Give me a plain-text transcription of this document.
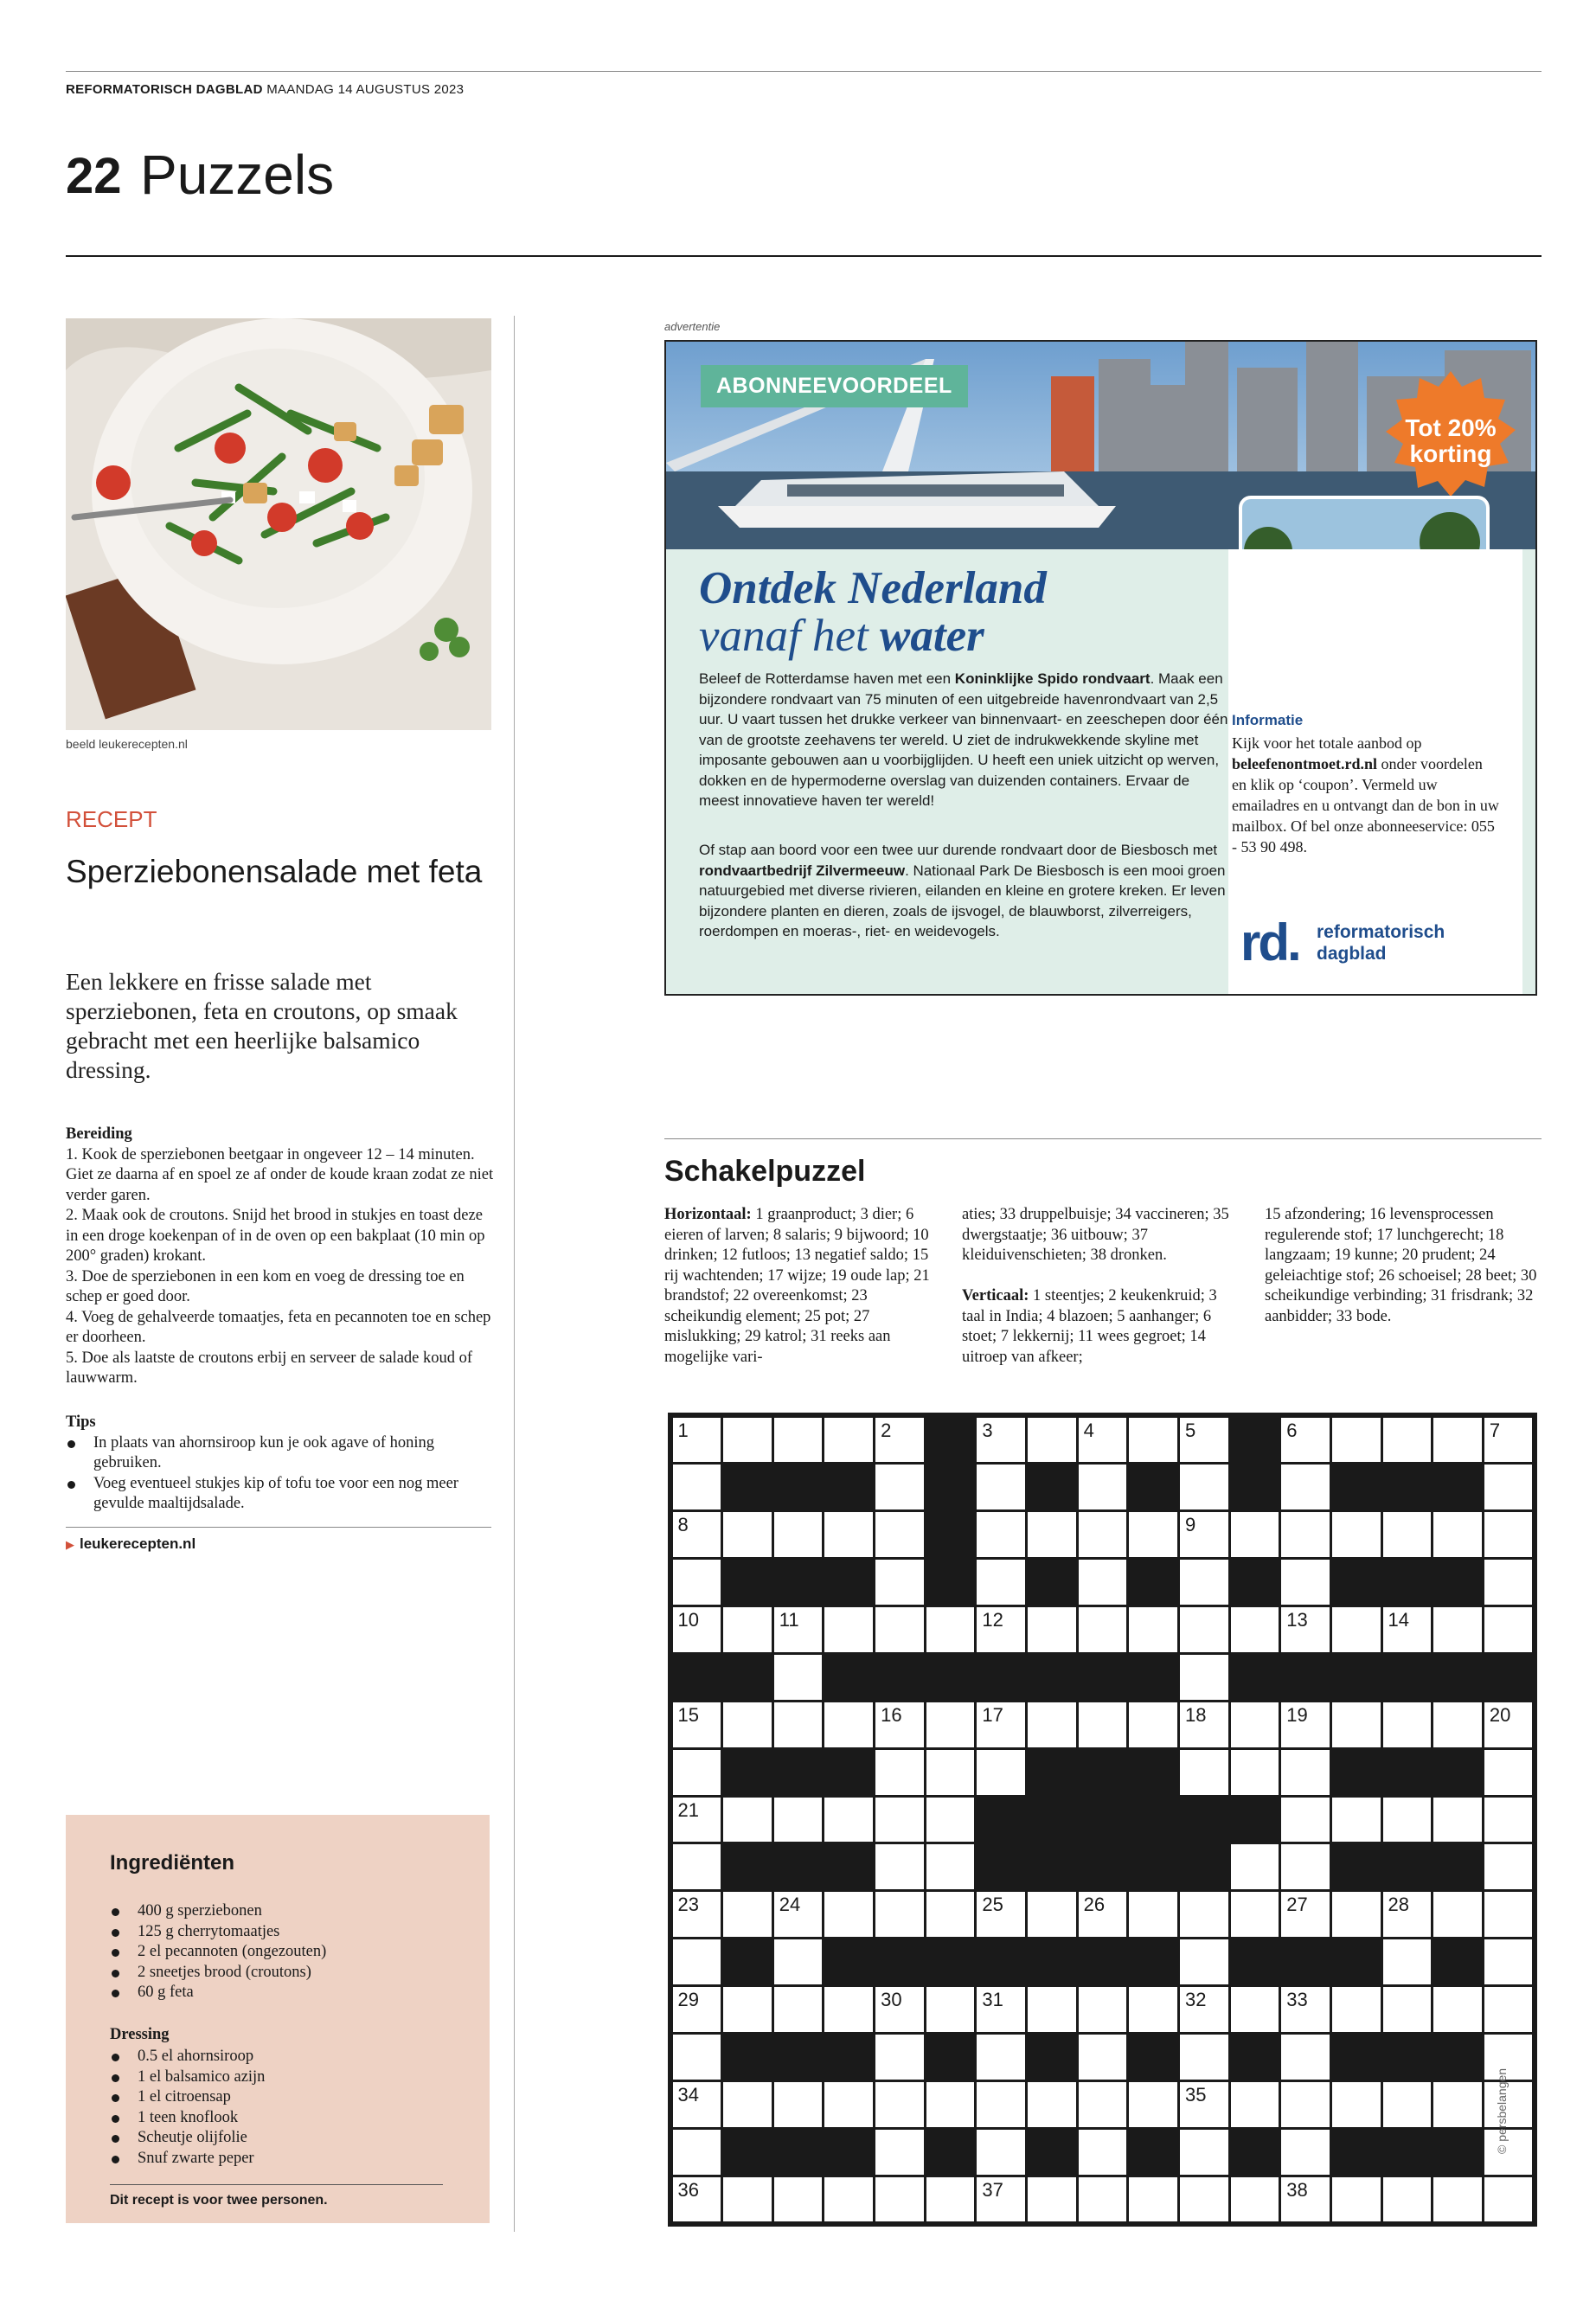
REFORMATORISCH DAGBLAD MAANDAG 14 AUGUSTUS 2023
22 Puzzels
beeld leukerecepten.nl
RECEPT
Sperziebonensalade met feta
Een lekkere en frisse salade met sperziebonen, feta en croutons, op smaak gebracht met een heerlijke balsamico dressing.
Bereiding
1. Kook de sperziebonen beetgaar in ongeveer 12 – 14 minuten. Giet ze daarna af en spoel ze af onder de koude kraan zodat ze niet verder garen.
2. Maak ook de croutons. Snijd het brood in stukjes en toast deze in een droge koekenpan of in de oven op een bakplaat (10 min op 200° graden) krokant.
3. Doe de sperziebonen in een kom en voeg de dressing toe en schep er goed door.
4. Voeg de gehalveerde tomaatjes, feta en pecannoten toe en schep er doorheen.
5. Doe als laatste de croutons erbij en serveer de salade koud of lauwwarm.
Tips
In plaats van ahornsiroop kun je ook agave of honing gebruiken.
Voeg eventueel stukjes kip of tofu toe voor een nog meer gevulde maaltijdsalade.
▶ leukerecepten.nl
Ingrediënten
400 g sperziebonen
125 g cherrytomaatjes
2 el pecannoten (ongezouten)
2 sneetjes brood (croutons)
60 g feta
Dressing
0.5 el ahornsiroop
1 el balsamico azijn
1 el citroensap
1 teen knoflook
Scheutje olijfolie
Snuf zwarte peper
Dit recept is voor twee personen.
advertentie
ABONNEEVOORDEEL
Tot 20%
korting
Ontdek Nederland
vanaf het water
Beleef de Rotterdamse haven met een Koninklijke Spido rondvaart. Maak een bijzondere rondvaart van 75 minuten of een uitgebreide havenrondvaart van 2,5 uur. U vaart tussen het drukke verkeer van binnenvaart- en zeeschepen door één van de grootste zeehavens ter wereld. U ziet de indrukwekkende skyline met imposante gebouwen aan u voorbijglijden. U heeft een uniek uitzicht op werven, dokken en de hypermoderne overslag van duizenden containers. Ervaar de meest innovatieve haven ter wereld!
Of stap aan boord voor een twee uur durende rondvaart door de Biesbosch met rondvaartbedrijf Zilvermeeuw. Nationaal Park De Biesbosch is een mooi groen natuurgebied met diverse rivieren, eilanden en kleine en grotere kreken. Er leven bijzondere planten en dieren, zoals de ijsvogel, de blauwborst, zilverreigers, roerdompen en moeras-, riet- en weidevogels.
Informatie
Kijk voor het totale aanbod op beleefenontmoet.rd.nl onder voordelen en klik op ‘coupon’. Vermeld uw emailadres en u ontvangt dan de bon in uw mailbox. Of bel onze abonneeservice: 055 - 53 90 498.
rd. reformatorisch
dagblad
Schakelpuzzel
Horizontaal: 1 graanproduct; 3 dier; 6 eieren of larven; 8 salaris; 9 bijwoord; 10 drinken; 12 futloos; 13 negatief saldo; 15 rij wachtenden; 17 wijze; 19 oude lap; 21 brandstof; 22 overeenkomst; 23 scheikundig element; 25 pot; 27 mislukking; 29 katrol; 31 reeks aan mogelijke vari-
aties; 33 druppelbuisje; 34 vaccineren; 35 dwergstaatje; 36 uitbouw; 37 kleiduivenschieten; 38 dronken.

Verticaal: 1 steentjes; 2 keukenkruid; 3 taal in India; 4 blazoen; 5 aanhanger; 6 stoet; 7 lekkernij; 11 wees gegroet; 14 uitroep van afkeer;
15 afzondering; 16 levensprocessen regulerende stof; 17 lunchgerecht; 18 langzaam; 19 kunne; 20 prudent; 24 geleiachtige stof; 26 schoeisel; 28 beet; 30 scheikundige verbinding; 31 frisdrank; 32 aanbidder; 33 bode.
1	2	3	4	5	6	7
8	9
10	11	12	13	14
15	16	17	18	19	20
21
23	24	25	26	27	28
29	30	31	32	33
34	35
36	37	38
© persbelangen
